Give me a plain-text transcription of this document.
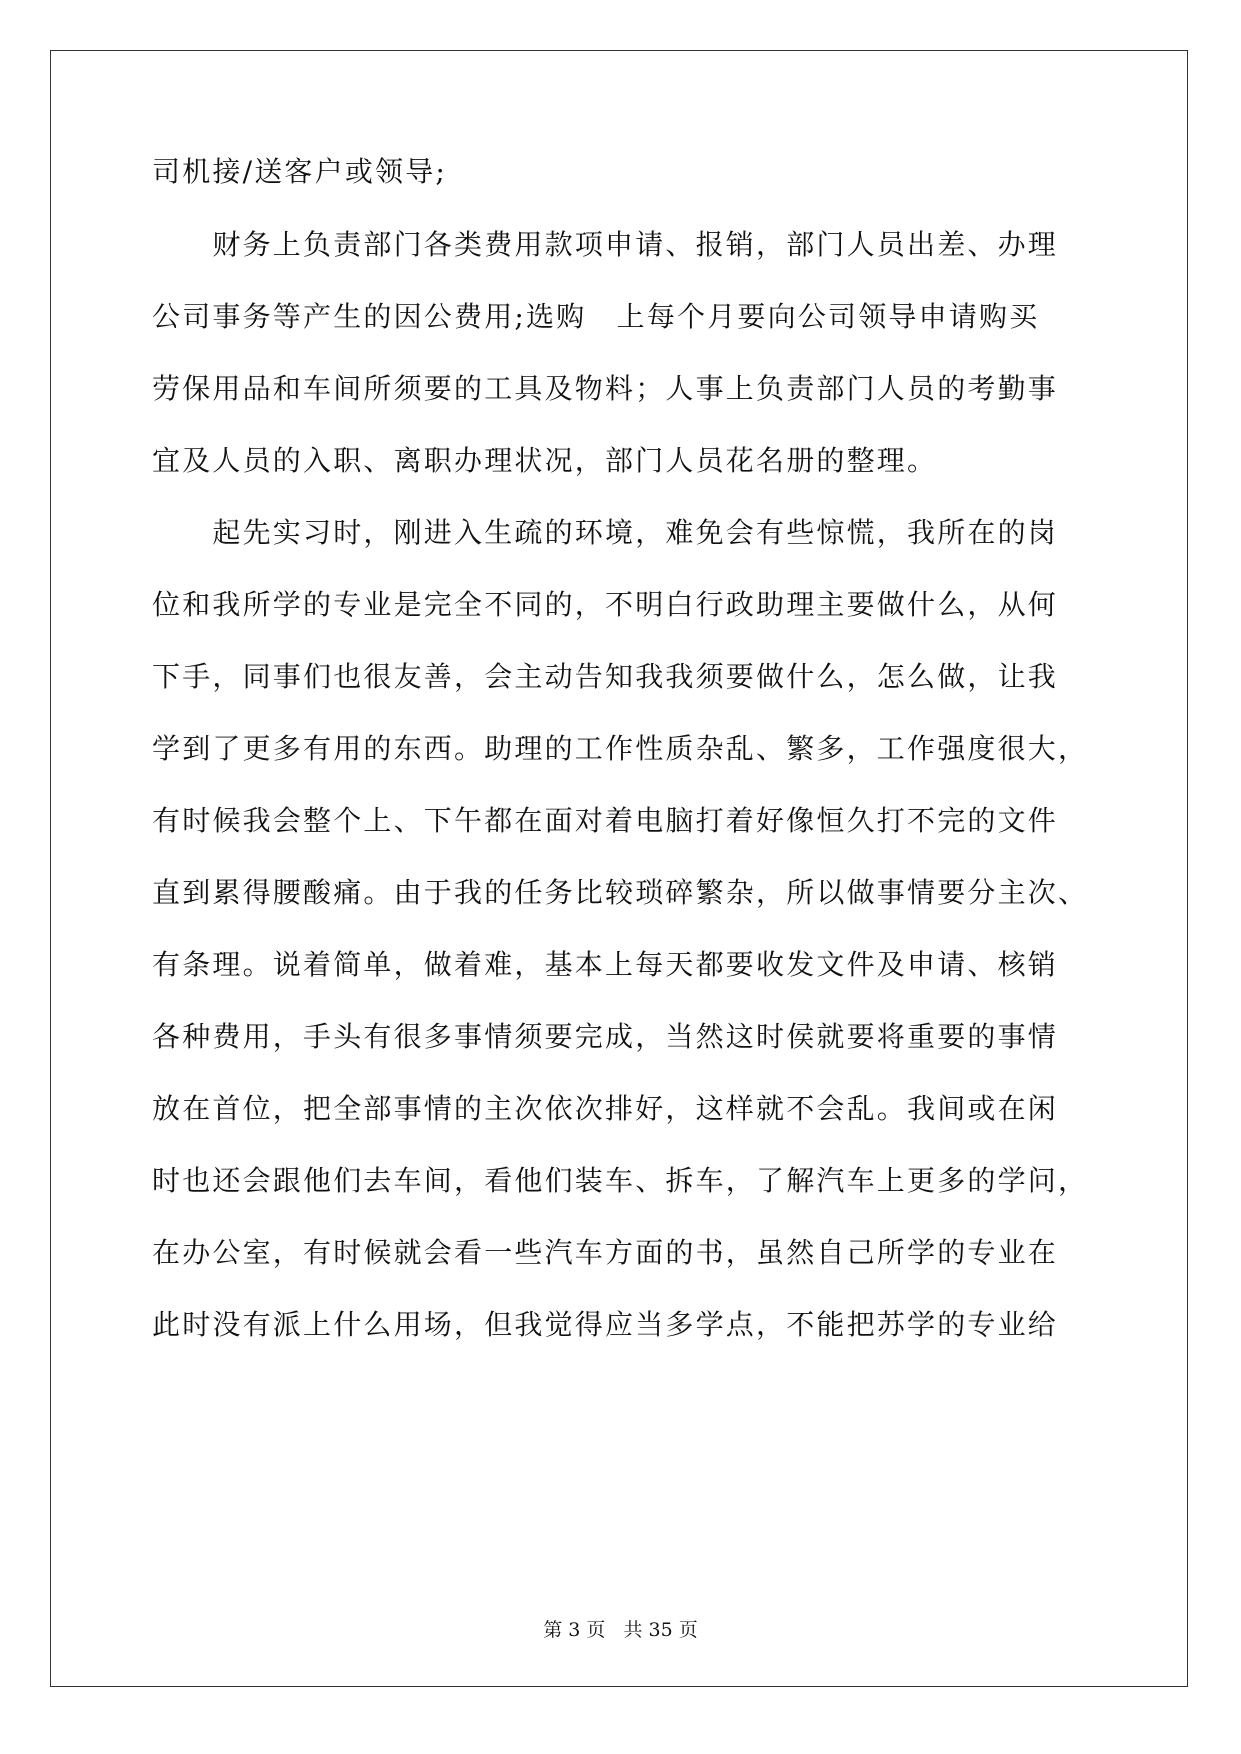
司机接/送客户或领导;
　　财务上负责部门各类费用款项申请、报销，部门人员出差、办理
公司事务等产生的因公费用;选购　上每个月要向公司领导申请购买
劳保用品和车间所须要的工具及物料；人事上负责部门人员的考勤事
宜及人员的入职、离职办理状况，部门人员花名册的整理。
　　起先实习时，刚进入生疏的环境，难免会有些惊慌，我所在的岗
位和我所学的专业是完全不同的，不明白行政助理主要做什么，从何
下手，同事们也很友善，会主动告知我我须要做什么，怎么做，让我
学到了更多有用的东西。助理的工作性质杂乱、繁多，工作强度很大，
有时候我会整个上、下午都在面对着电脑打着好像恒久打不完的文件
直到累得腰酸痛。由于我的任务比较琐碎繁杂，所以做事情要分主次、
有条理。说着简单，做着难，基本上每天都要收发文件及申请、核销
各种费用，手头有很多事情须要完成，当然这时侯就要将重要的事情
放在首位，把全部事情的主次依次排好，这样就不会乱。我间或在闲
时也还会跟他们去车间，看他们装车、拆车，了解汽车上更多的学问，
在办公室，有时候就会看一些汽车方面的书，虽然自己所学的专业在
此时没有派上什么用场，但我觉得应当多学点，不能把苏学的专业给
第 3 页 共 35 页
